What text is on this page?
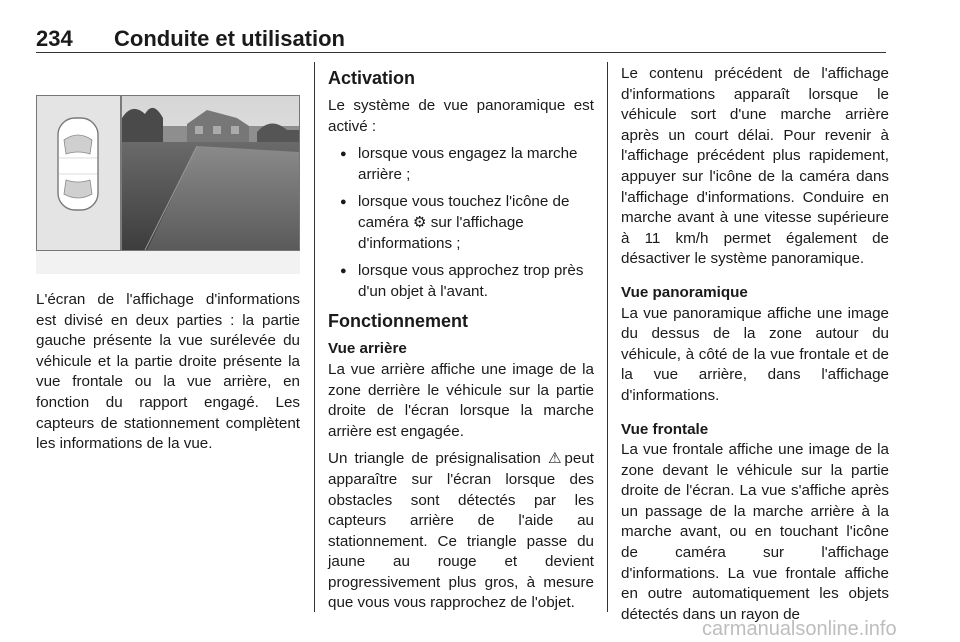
234 Conduite et utilisation

L'écran de l'affichage d'informations est divisé en deux parties : la partie gauche présente la vue surélevée du véhicule et la partie droite présente la vue frontale ou la vue arrière, en fonction du rapport engagé. Les capteurs de stationnement complètent les informations de la vue.

Activation

Le système de vue panoramique est activé :

● lorsque vous engagez la marche arrière ;
● lorsque vous touchez l'icône de caméra ⚙ sur l'affichage d'informations ;
● lorsque vous approchez trop près d'un objet à l'avant.
Fonctionnement
Vue arrière

La vue arrière affiche une image de la zone derrière le véhicule sur la partie droite de l'écran lorsque la marche arrière est engagée.

Un triangle de présignalisation ⚠peut apparaître sur l'écran lorsque des obstacles sont détectés par les capteurs arrière de l'aide au stationnement. Ce triangle passe du jaune au rouge et devient progressivement plus gros, à mesure que vous vous rapprochez de l'objet.

Le contenu précédent de l'affichage d'informations apparaît lorsque le véhicule sort d'une marche arrière après un court délai. Pour revenir à l'affichage précédent plus rapidement, appuyer sur l'icône de la caméra dans l'affichage d'informations. Conduire en marche avant à une vitesse supérieure à 11 km/h permet également de désactiver le système panoramique.

Vue panoramique

La vue panoramique affiche une image du dessus de la zone autour du véhicule, à côté de la vue frontale et de la vue arrière, dans l'affichage d'informations.

Vue frontale

La vue frontale affiche une image de la zone devant le véhicule sur la partie droite de l'écran. La vue s'affiche après un passage de la marche arrière à la marche avant, ou en touchant l'icône de caméra sur l'affichage d'informations. La vue frontale affiche en outre automatiquement les objets détectés dans un rayon de

carmanualsonline.info
